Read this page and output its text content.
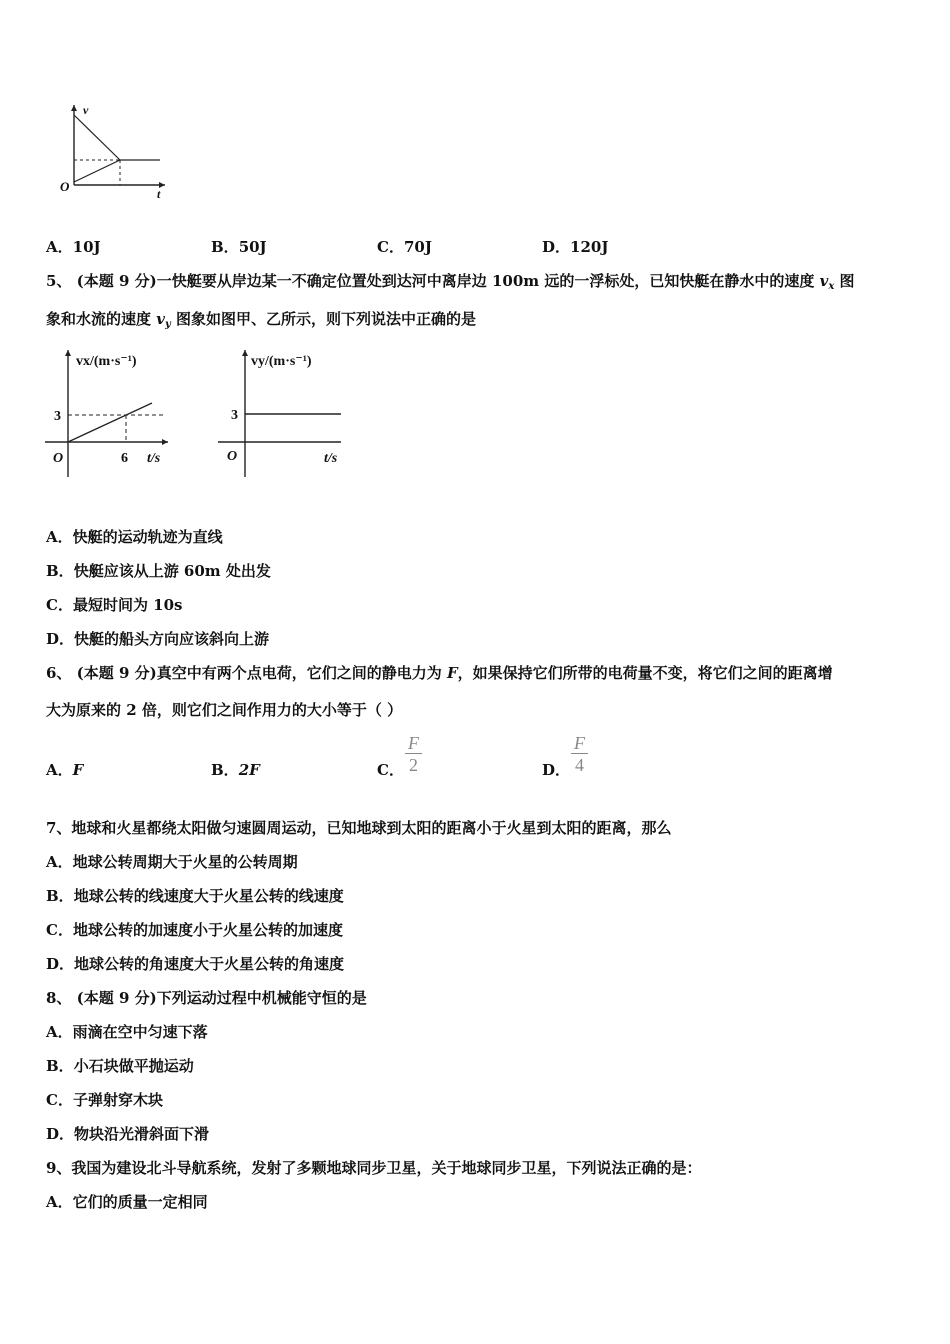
v
t
O
A．10J	B．50J	C．70J	D．120J
5、 (本题 9 分)一快艇要从岸边某一不确定位置处到达河中离岸边 100m 远的一浮标处，已知快艇在静水中的速度 $v_x$ 图
象和水流的速度 $v_y$ 图象如图甲、乙所示，则下列说法中正确的是
vx/(m·s⁻¹)
3
6
O	t/s
vy/(m·s⁻¹)
3
O	t/s
A．快艇的运动轨迹为直线
B．快艇应该从上游 60m 处出发
C．最短时间为 10s
D．快艇的船头方向应该斜向上游
6、 (本题 9 分)真空中有两个点电荷，它们之间的静电力为 F，如果保持它们所带的电荷量不变，将它们之间的距离增
大为原来的 2 倍，则它们之间作用力的大小等于（ ）
A．F	B．2F	C． $\frac{F}{2}$	D． $\frac{F}{4}$
7、地球和火星都绕太阳做匀速圆周运动，已知地球到太阳的距离小于火星到太阳的距离，那么
A．地球公转周期大于火星的公转周期
B．地球公转的线速度大于火星公转的线速度
C．地球公转的加速度小于火星公转的加速度
D．地球公转的角速度大于火星公转的角速度
8、 (本题 9 分)下列运动过程中机械能守恒的是
A．雨滴在空中匀速下落
B．小石块做平抛运动
C．子弹射穿木块
D．物块沿光滑斜面下滑
9、我国为建设北斗导航系统，发射了多颗地球同步卫星，关于地球同步卫星，下列说法正确的是：
A．它们的质量一定相同
